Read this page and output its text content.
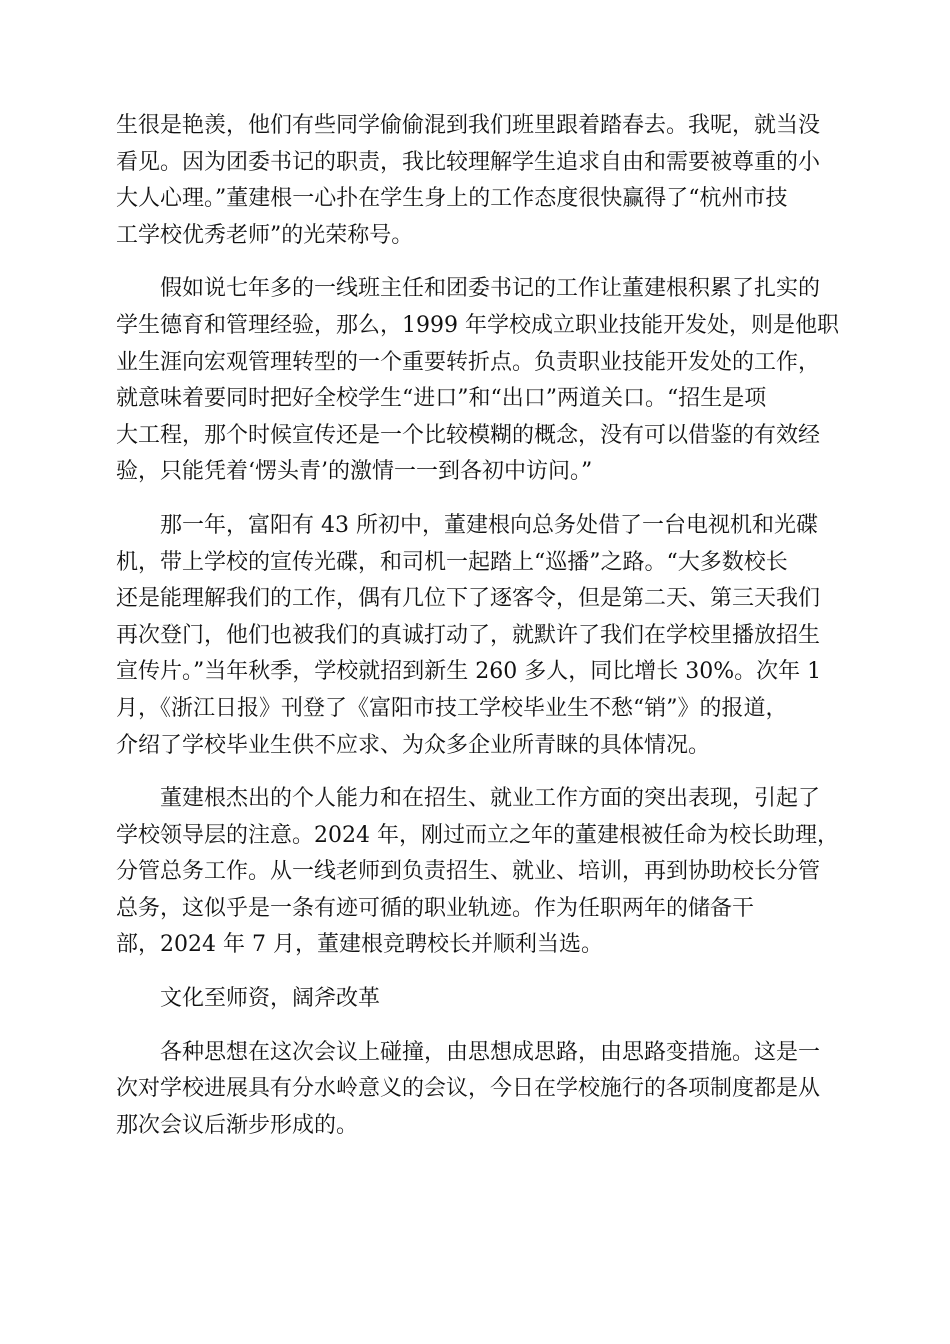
生很是艳羡，他们有些同学偷偷混到我们班里跟着踏春去。我呢，就当没
看见。因为团委书记的职责，我比较理解学生追求自由和需要被尊重的小
大人心理。”董建根一心扑在学生身上的工作态度很快赢得了“杭州市技
工学校优秀老师”的光荣称号。
　　假如说七年多的一线班主任和团委书记的工作让董建根积累了扎实的
学生德育和管理经验，那么，1999 年学校成立职业技能开发处，则是他职
业生涯向宏观管理转型的一个重要转折点。负责职业技能开发处的工作，
就意味着要同时把好全校学生“进口”和“出口”两道关口。“招生是项
大工程，那个时候宣传还是一个比较模糊的概念，没有可以借鉴的有效经
验，只能凭着‘愣头青’的激情一一到各初中访问。”
　　那一年，富阳有 43 所初中，董建根向总务处借了一台电视机和光碟
机，带上学校的宣传光碟，和司机一起踏上“巡播”之路。“大多数校长
还是能理解我们的工作，偶有几位下了逐客令，但是第二天、第三天我们
再次登门，他们也被我们的真诚打动了，就默许了我们在学校里播放招生
宣传片。”当年秋季，学校就招到新生 260 多人，同比增长 30%。次年 1
月，《浙江日报》刊登了《富阳市技工学校毕业生不愁“销”》的报道，
介绍了学校毕业生供不应求、为众多企业所青睐的具体情况。
　　董建根杰出的个人能力和在招生、就业工作方面的突出表现，引起了
学校领导层的注意。2024 年，刚过而立之年的董建根被任命为校长助理，
分管总务工作。从一线老师到负责招生、就业、培训，再到协助校长分管
总务，这似乎是一条有迹可循的职业轨迹。作为任职两年的储备干
部，2024 年 7 月，董建根竞聘校长并顺利当选。
　　文化至师资，阔斧改革
　　各种思想在这次会议上碰撞，由思想成思路，由思路变措施。这是一
次对学校进展具有分水岭意义的会议，今日在学校施行的各项制度都是从
那次会议后渐步形成的。
